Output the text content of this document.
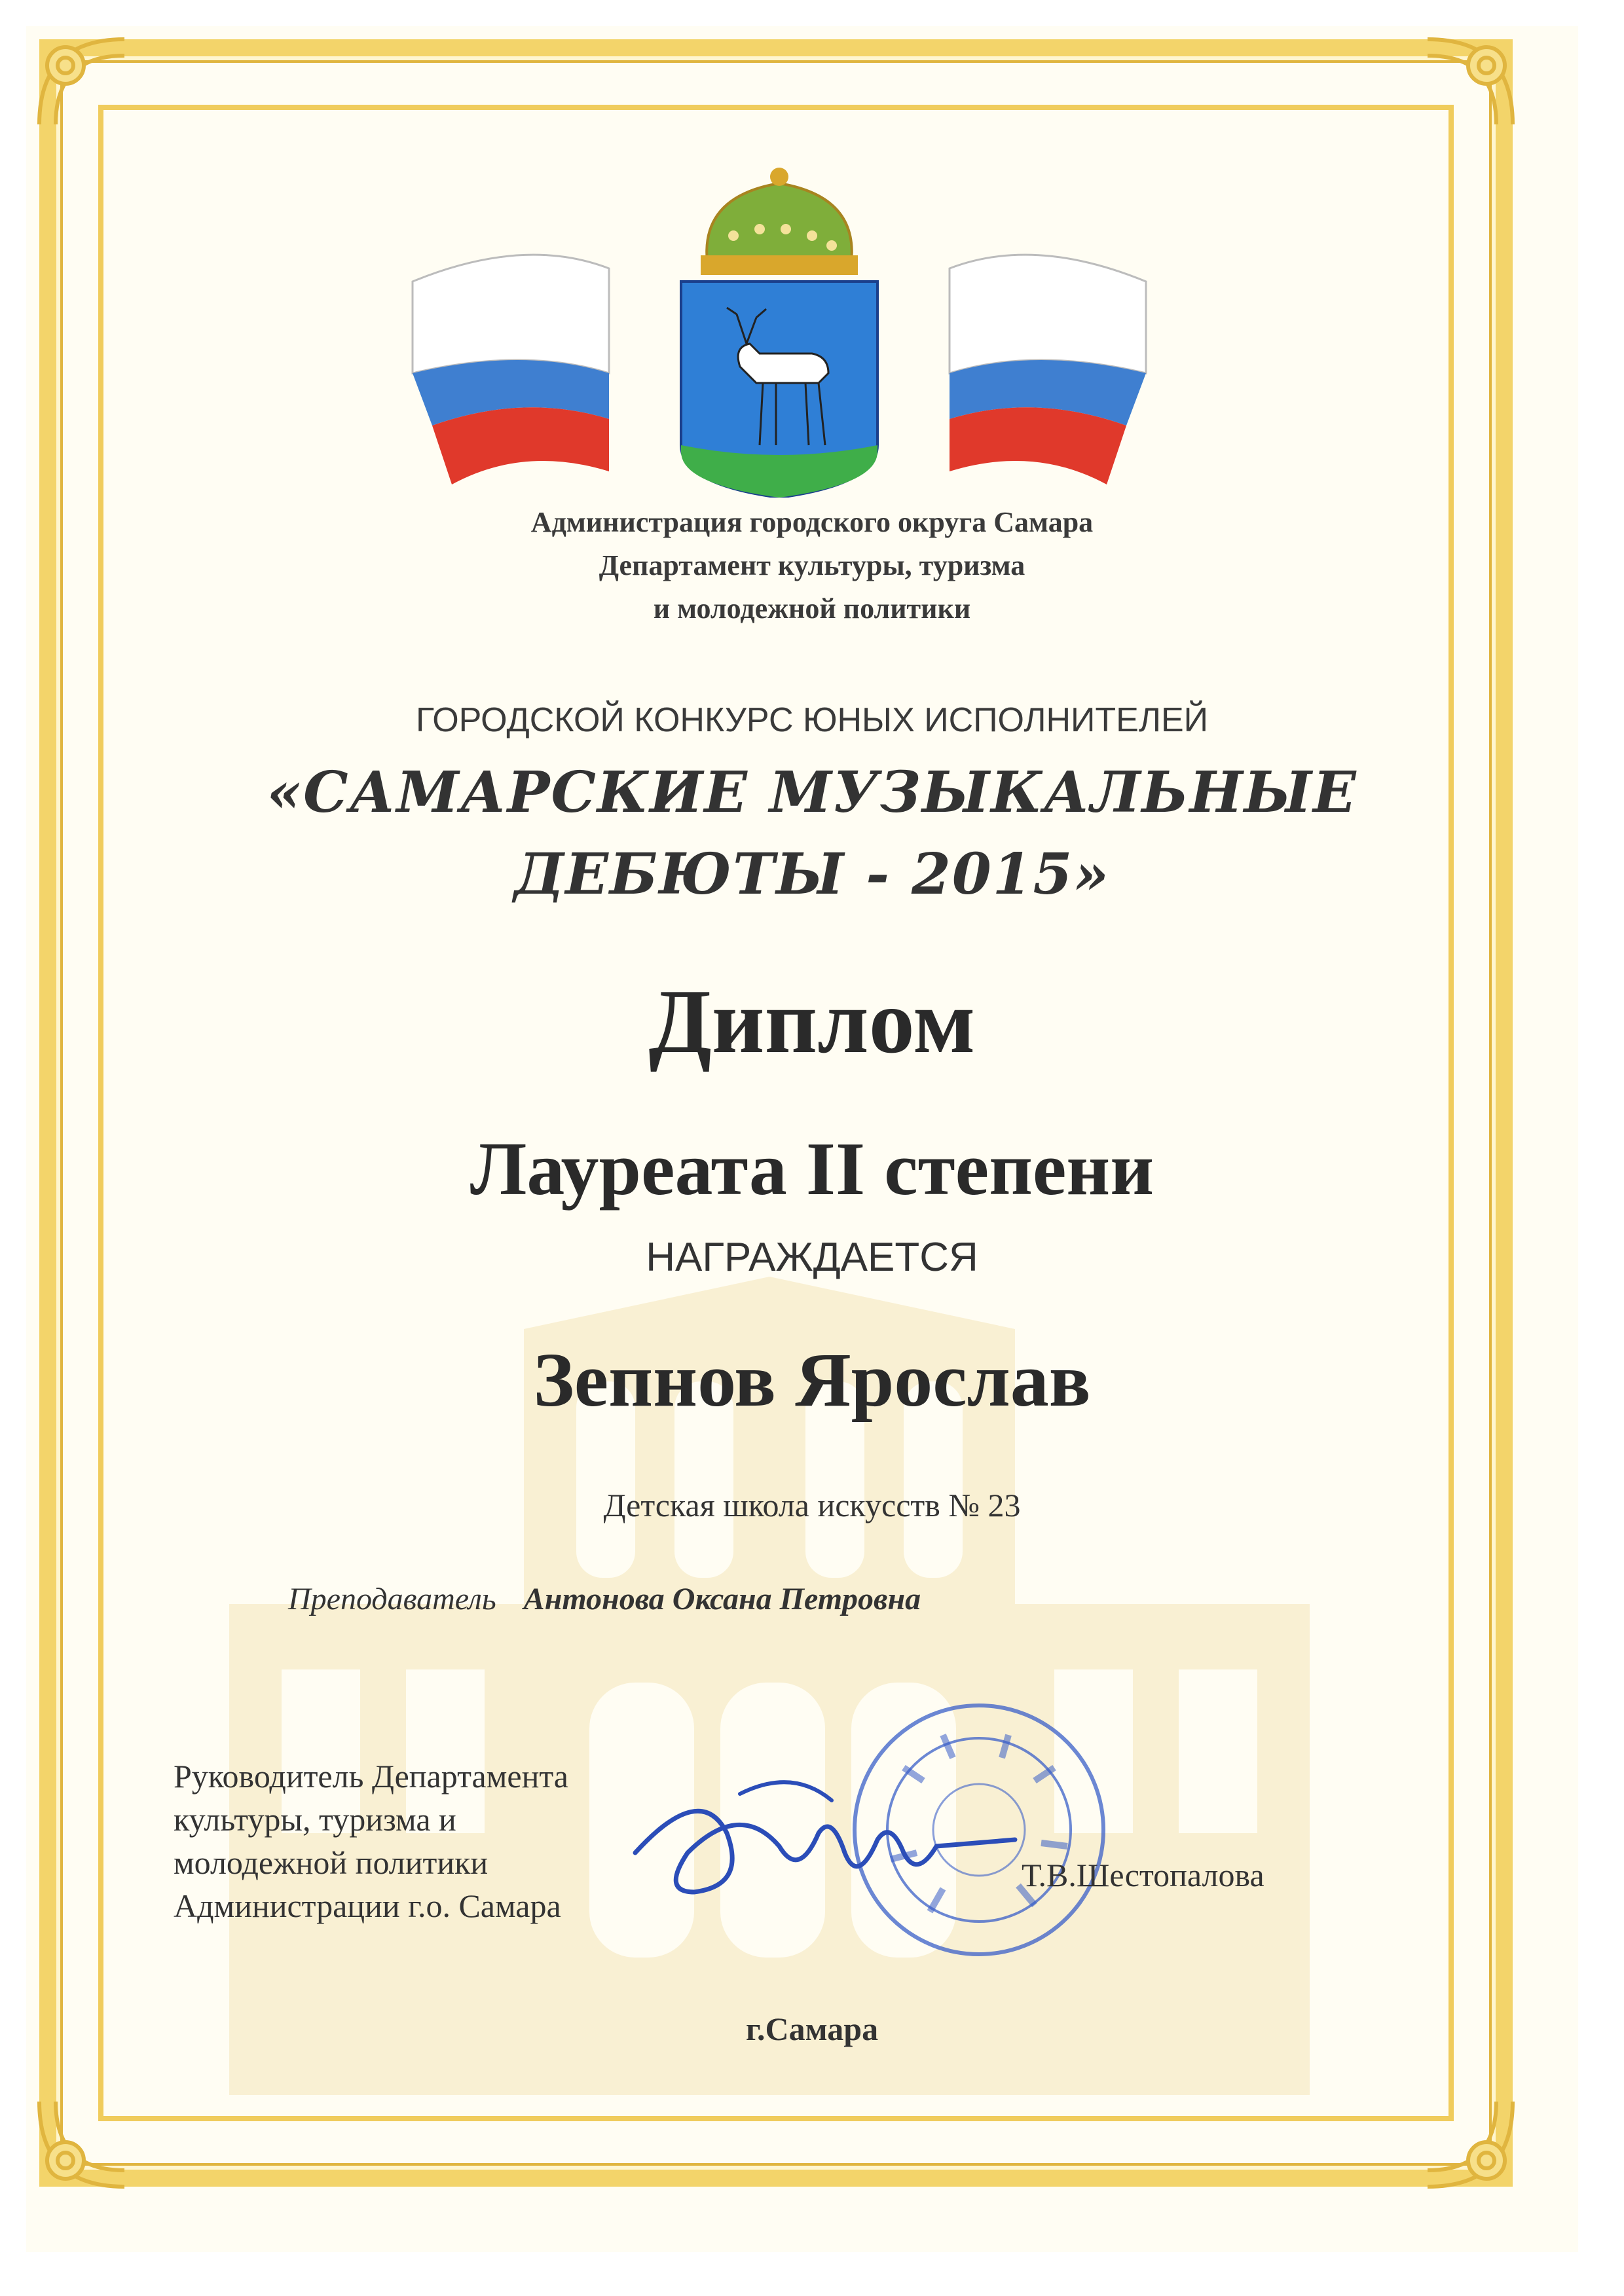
Администрация городского округа Самара
Департамент культуры, туризма
и молодежной политики
ГОРОДСКОЙ КОНКУРС ЮНЫХ ИСПОЛНИТЕЛЕЙ
«САМАРСКИЕ МУЗЫКАЛЬНЫЕ
ДЕБЮТЫ - 2015»
Диплом
Лауреата II степени
НАГРАЖДАЕТСЯ
Зепнов Ярослав
Детская школа искусств № 23
Преподаватель Антонова Оксана Петровна
Руководитель Департамента
культуры, туризма и
молодежной политики
Администрации г.о. Самара
Т.В.Шестопалова
г.Самара
